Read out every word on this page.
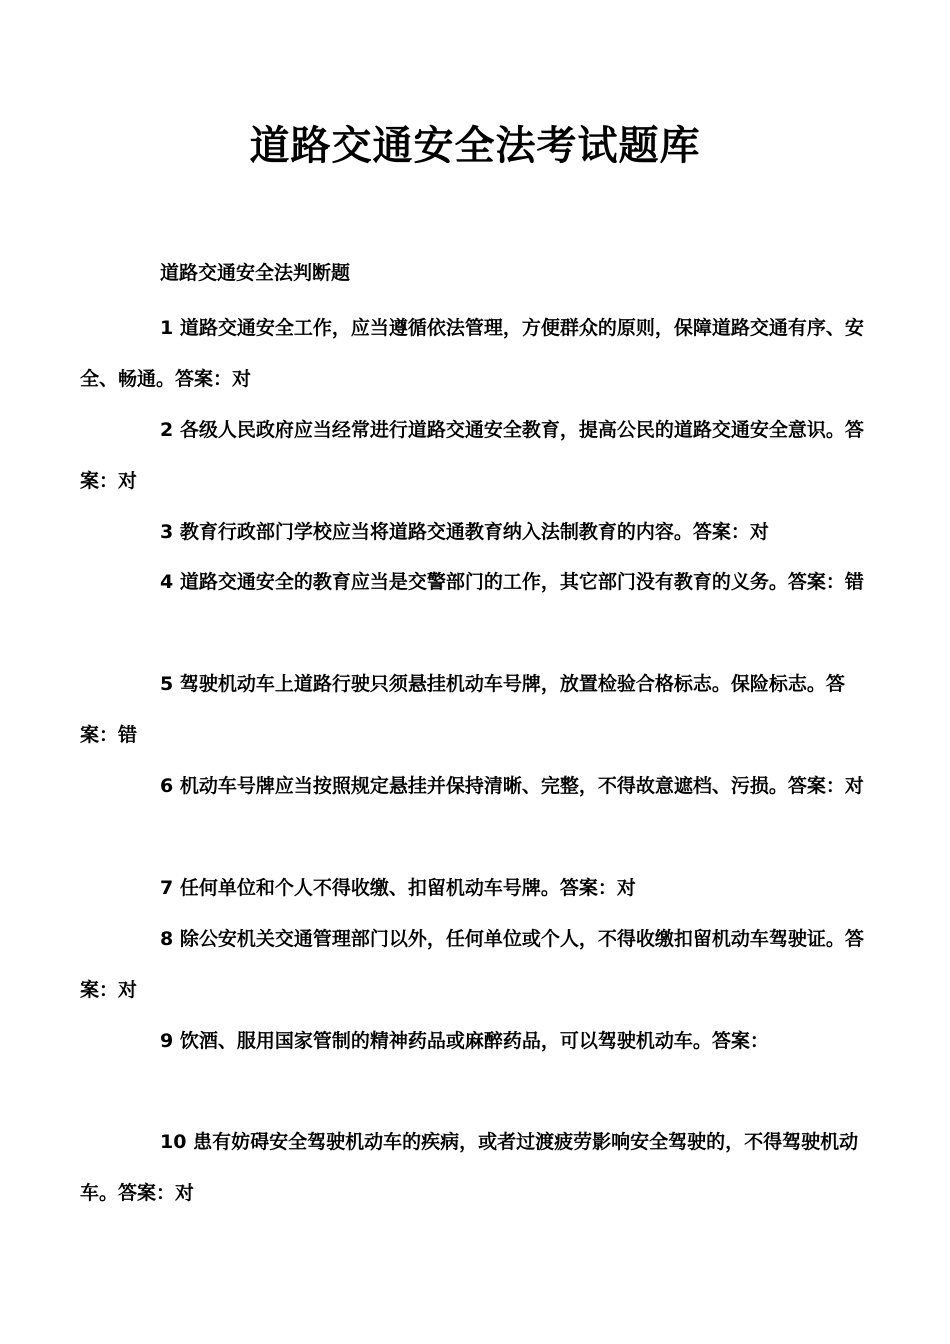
道路交通安全法考试题库
道路交通安全法判断题

1 道路交通安全工作，应当遵循依法管理，方便群众的原则，保障道路交通有序、安全、畅通。答案：对

2 各级人民政府应当经常进行道路交通安全教育，提高公民的道路交通安全意识。答案：对

3 教育行政部门学校应当将道路交通教育纳入法制教育的内容。答案：对

4 道路交通安全的教育应当是交警部门的工作，其它部门没有教育的义务。答案：错

5 驾驶机动车上道路行驶只须悬挂机动车号牌，放置检验合格标志。保险标志。答案：错

6 机动车号牌应当按照规定悬挂并保持清晰、完整，不得故意遮档、污损。答案：对

7 任何单位和个人不得收缴、扣留机动车号牌。答案：对

8 除公安机关交通管理部门以外，任何单位或个人，不得收缴扣留机动车驾驶证。答案：对

9 饮酒、服用国家管制的精神药品或麻醉药品，可以驾驶机动车。答案：

10 患有妨碍安全驾驶机动车的疾病，或者过渡疲劳影响安全驾驶的，不得驾驶机动车。答案：对
